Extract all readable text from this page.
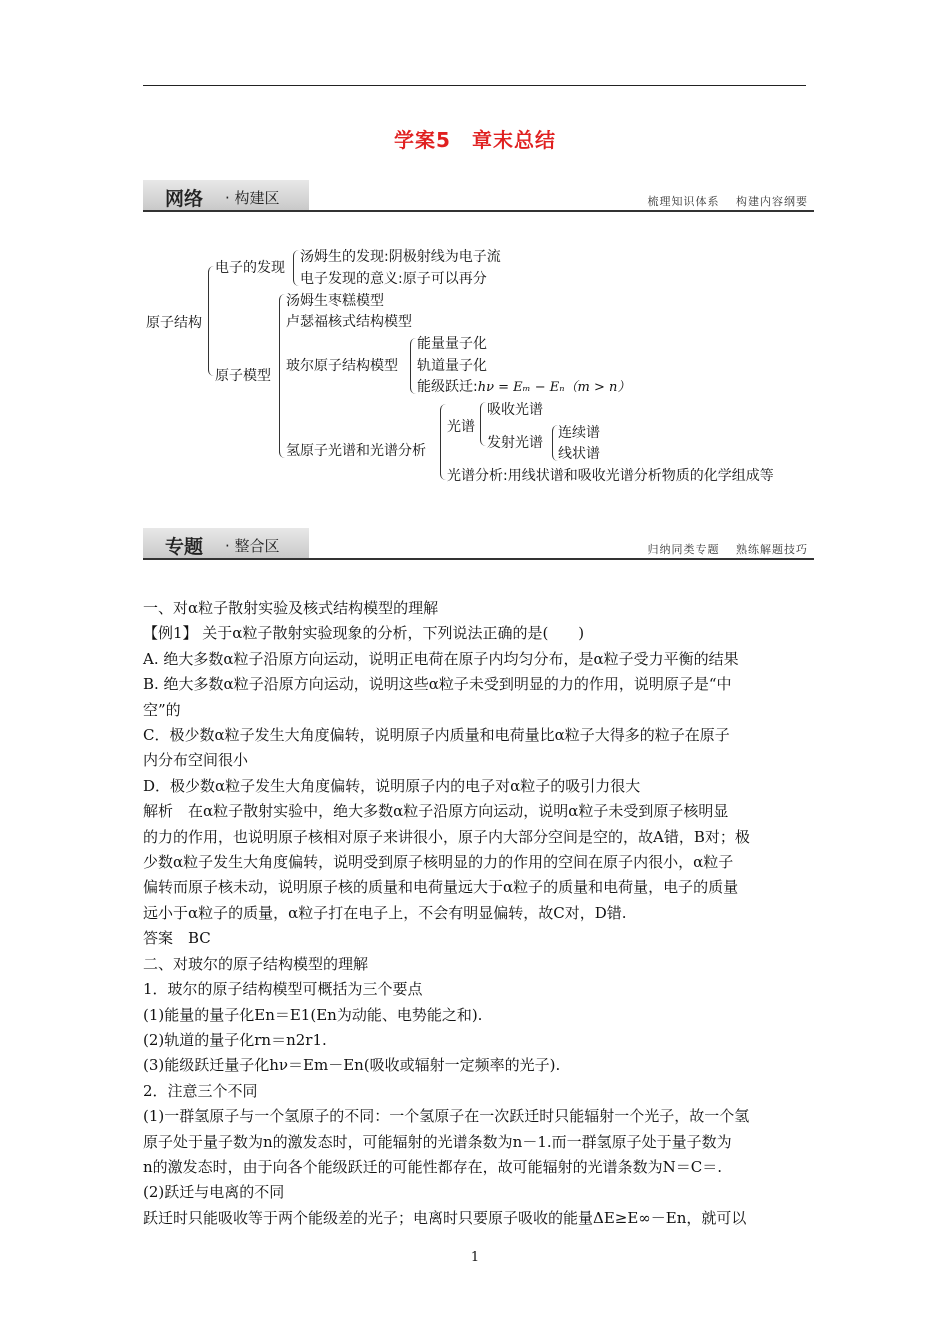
学案5　章末总结
网络 · 构建区	梳理知识体系　 构建内容纲要
原子结构
电子的发现
汤姆生的发现:阴极射线为电子流
电子发现的意义:原子可以再分
原子模型
汤姆生枣糕模型
卢瑟福核式结构模型
玻尔原子结构模型
能量量子化
轨道量子化
能级跃迁:hν = Eₘ − Eₙ（m > n）
氢原子光谱和光谱分析
光谱
吸收光谱
发射光谱
连续谱
线状谱
光谱分析:用线状谱和吸收光谱分析物质的化学组成等
专题 · 整合区	归纳同类专题　 熟练解题技巧

一、对α粒子散射实验及核式结构模型的理解

【例1】 关于α粒子散射实验现象的分析，下列说法正确的是(　　)

A. 绝大多数α粒子沿原方向运动，说明正电荷在原子内均匀分布，是α粒子受力平衡的结果

B. 绝大多数α粒子沿原方向运动，说明这些α粒子未受到明显的力的作用，说明原子是“中

空”的

C．极少数α粒子发生大角度偏转，说明原子内质量和电荷量比α粒子大得多的粒子在原子

内分布空间很小

D．极少数α粒子发生大角度偏转，说明原子内的电子对α粒子的吸引力很大

解析　在α粒子散射实验中，绝大多数α粒子沿原方向运动，说明α粒子未受到原子核明显

的力的作用，也说明原子核相对原子来讲很小，原子内大部分空间是空的，故A错，B对；极

少数α粒子发生大角度偏转，说明受到原子核明显的力的作用的空间在原子内很小，α粒子

偏转而原子核未动，说明原子核的质量和电荷量远大于α粒子的质量和电荷量，电子的质量

远小于α粒子的质量，α粒子打在电子上，不会有明显偏转，故C对，D错.

答案　BC

二、对玻尔的原子结构模型的理解

1．玻尔的原子结构模型可概括为三个要点

(1)能量的量子化En＝E1(En为动能、电势能之和).

(2)轨道的量子化rn＝n2r1.

(3)能级跃迁量子化hν＝Em－En(吸收或辐射一定频率的光子).

2．注意三个不同

(1)一群氢原子与一个氢原子的不同：一个氢原子在一次跃迁时只能辐射一个光子，故一个氢

原子处于量子数为n的激发态时，可能辐射的光谱条数为n－1.而一群氢原子处于量子数为

n的激发态时，由于向各个能级跃迁的可能性都存在，故可能辐射的光谱条数为N＝C＝.

(2)跃迁与电离的不同

跃迁时只能吸收等于两个能级差的光子；电离时只要原子吸收的能量ΔE≥E∞－En，就可以

1
